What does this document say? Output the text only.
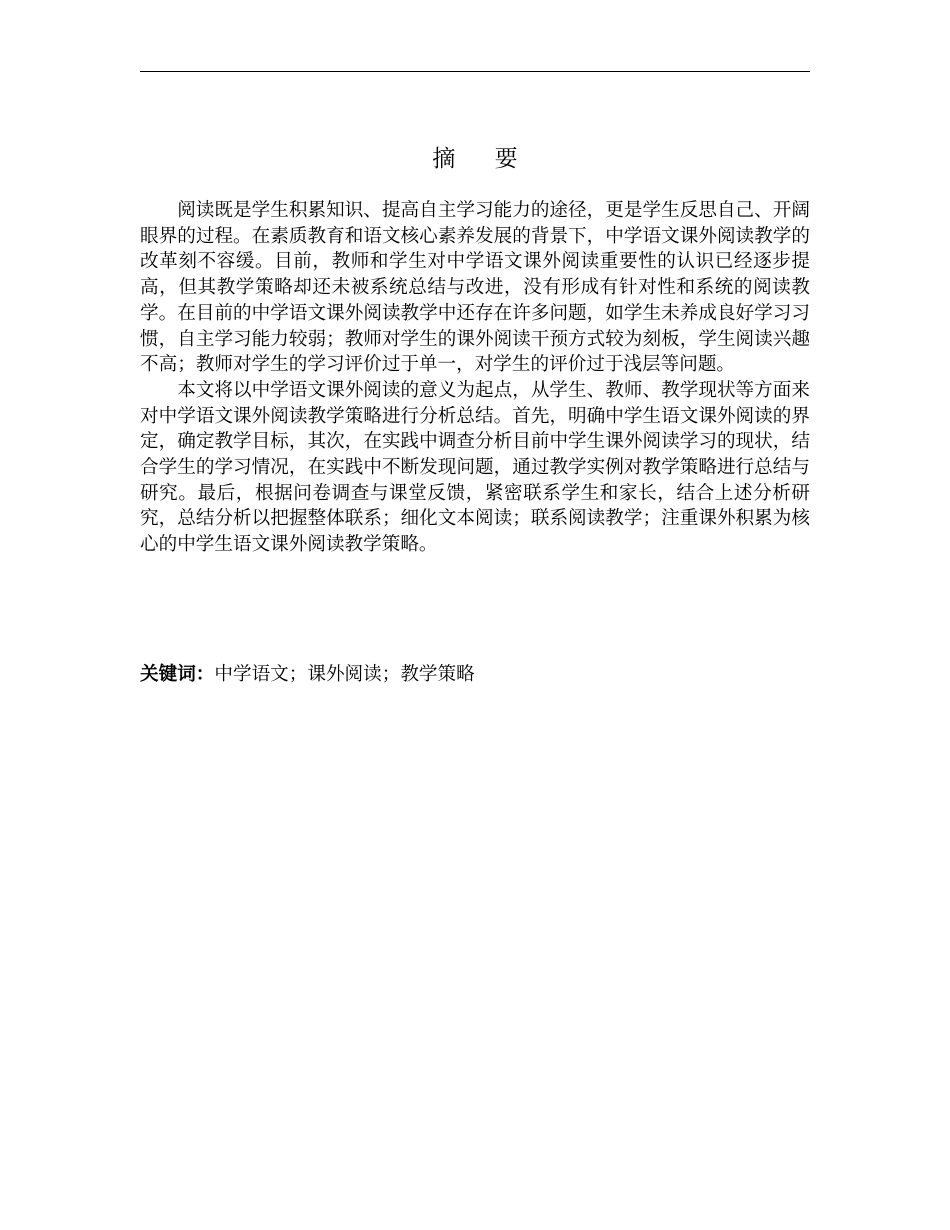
摘 要

阅读既是学生积累知识、提高自主学习能力的途径，更是学生反思自己、开阔眼界的过程。在素质教育和语文核心素养发展的背景下，中学语文课外阅读教学的改革刻不容缓。目前，教师和学生对中学语文课外阅读重要性的认识已经逐步提高，但其教学策略却还未被系统总结与改进，没有形成有针对性和系统的阅读教学。在目前的中学语文课外阅读教学中还存在许多问题，如学生未养成良好学习习惯，自主学习能力较弱；教师对学生的课外阅读干预方式较为刻板，学生阅读兴趣不高；教师对学生的学习评价过于单一，对学生的评价过于浅层等问题。

本文将以中学语文课外阅读的意义为起点，从学生、教师、教学现状等方面来对中学语文课外阅读教学策略进行分析总结。首先，明确中学生语文课外阅读的界定，确定教学目标，其次，在实践中调查分析目前中学生课外阅读学习的现状，结合学生的学习情况，在实践中不断发现问题，通过教学实例对教学策略进行总结与研究。最后，根据问卷调查与课堂反馈，紧密联系学生和家长，结合上述分析研究，总结分析以把握整体联系；细化文本阅读；联系阅读教学；注重课外积累为核心的中学生语文课外阅读教学策略。

关键词：中学语文；课外阅读；教学策略
